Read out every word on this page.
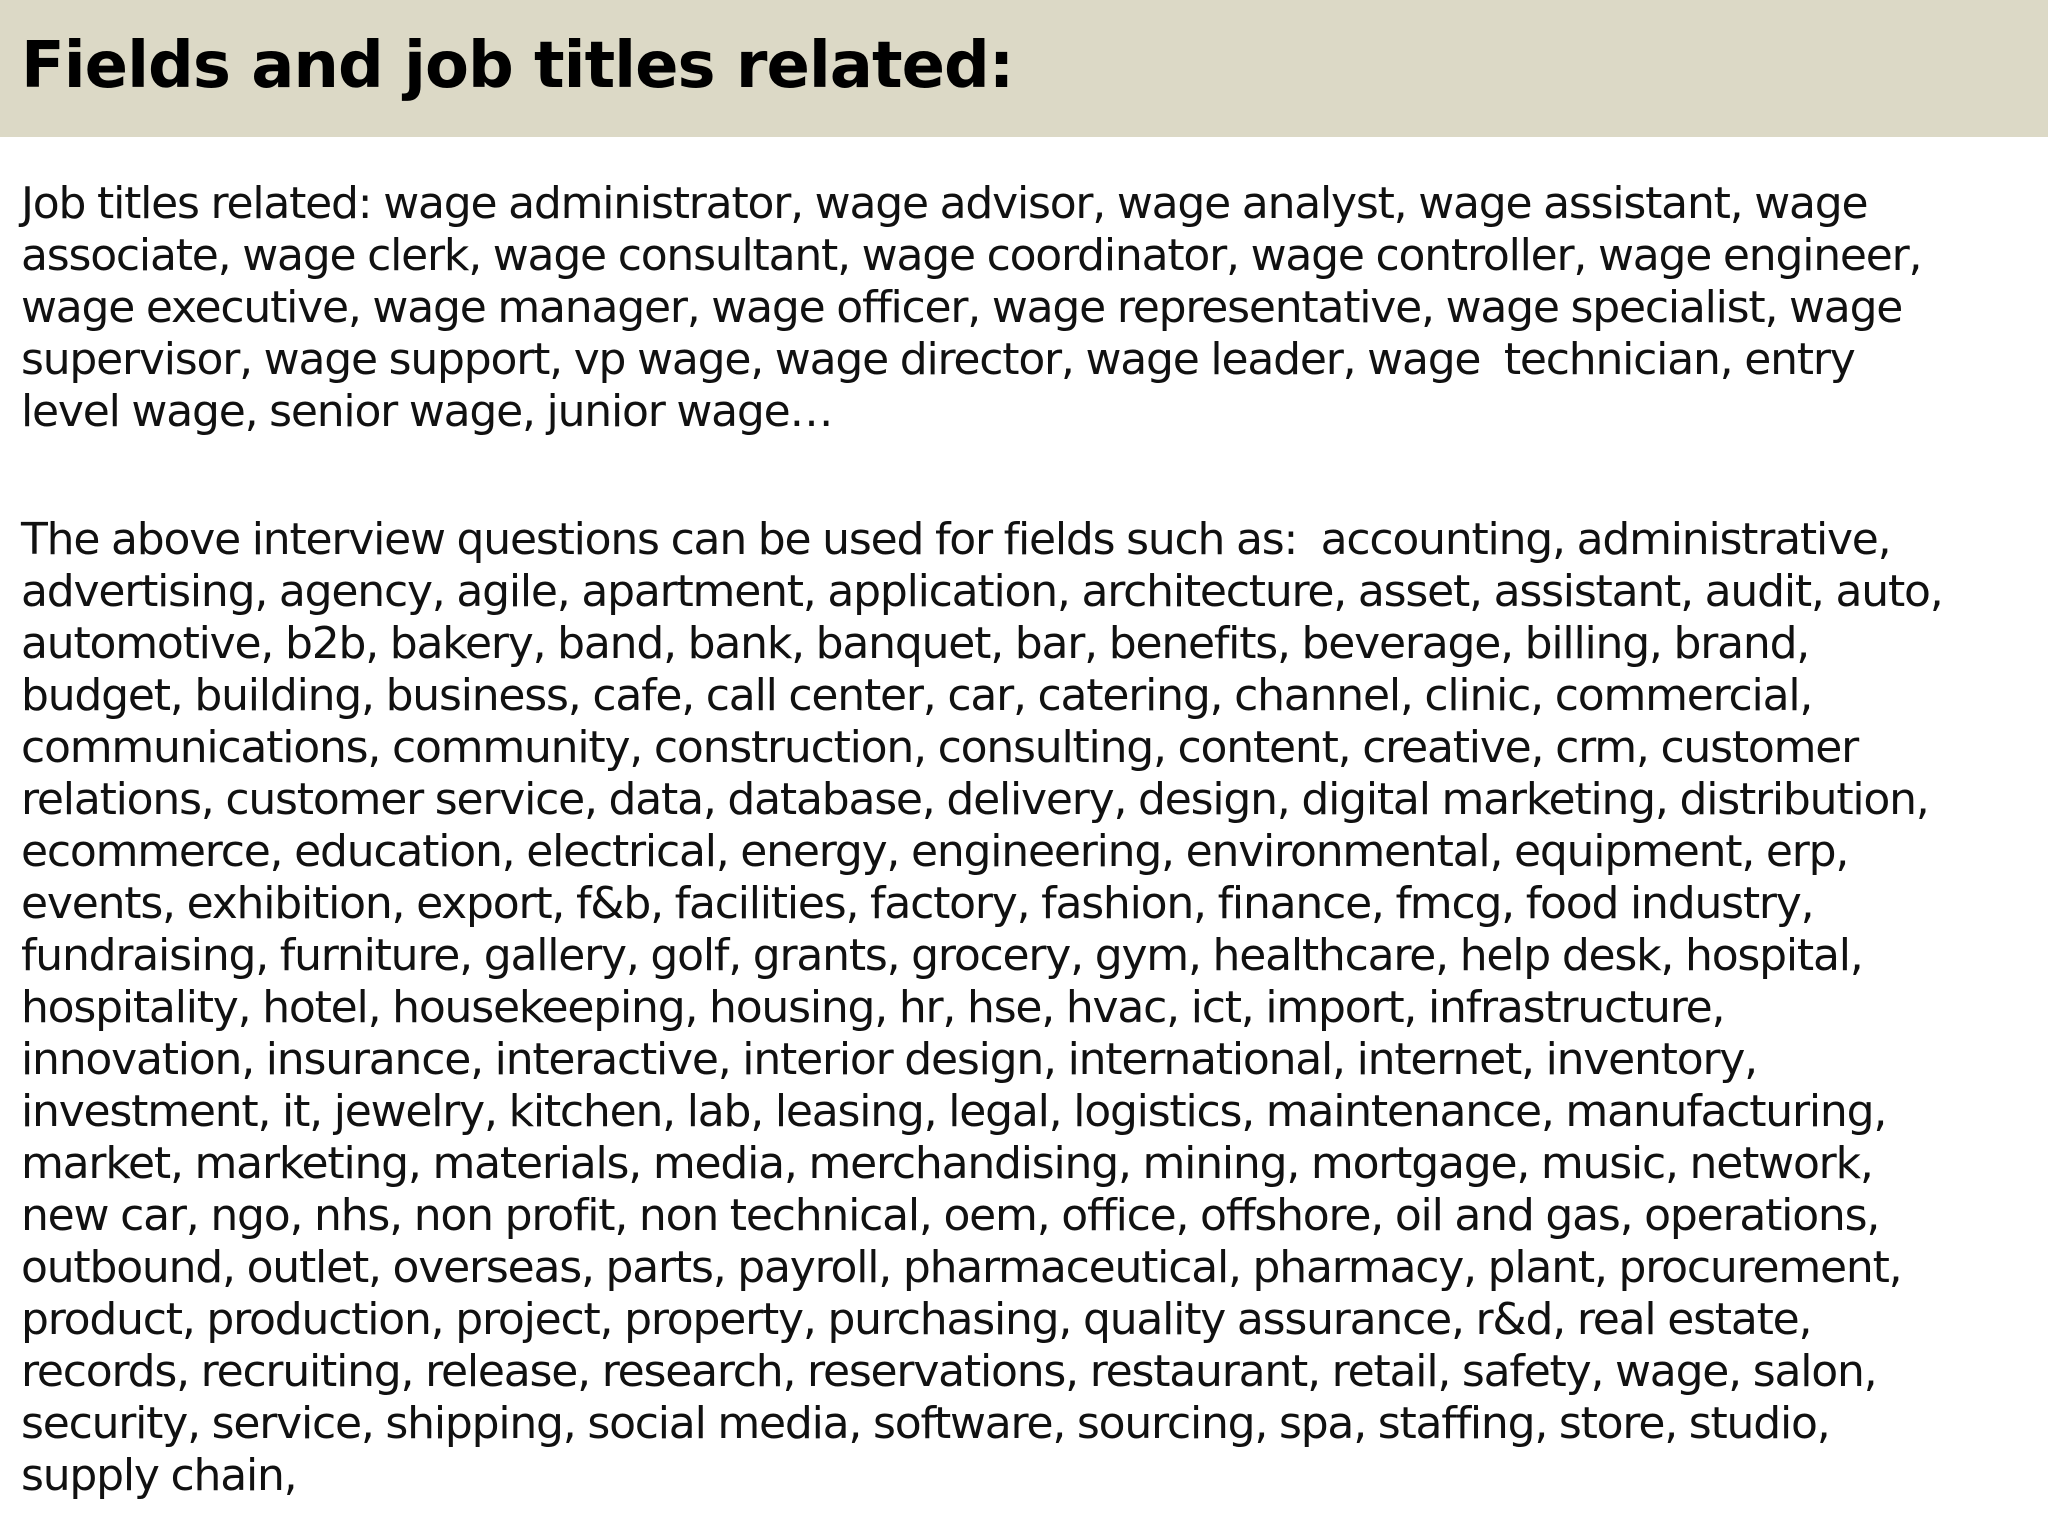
Fields and job titles related:

Job titles related: wage administrator, wage advisor, wage analyst, wage assistant, wage
associate, wage clerk, wage consultant, wage coordinator, wage controller, wage engineer,
wage executive, wage manager, wage officer, wage representative, wage specialist, wage
supervisor, wage support, vp wage, wage director, wage leader, wage  technician, entry
level wage, senior wage, junior wage…

The above interview questions can be used for fields such as:  accounting, administrative,
advertising, agency, agile, apartment, application, architecture, asset, assistant, audit, auto,
automotive, b2b, bakery, band, bank, banquet, bar, benefits, beverage, billing, brand,
budget, building, business, cafe, call center, car, catering, channel, clinic, commercial,
communications, community, construction, consulting, content, creative, crm, customer
relations, customer service, data, database, delivery, design, digital marketing, distribution,
ecommerce, education, electrical, energy, engineering, environmental, equipment, erp,
events, exhibition, export, f&b, facilities, factory, fashion, finance, fmcg, food industry,
fundraising, furniture, gallery, golf, grants, grocery, gym, healthcare, help desk, hospital,
hospitality, hotel, housekeeping, housing, hr, hse, hvac, ict, import, infrastructure,
innovation, insurance, interactive, interior design, international, internet, inventory,
investment, it, jewelry, kitchen, lab, leasing, legal, logistics, maintenance, manufacturing,
market, marketing, materials, media, merchandising, mining, mortgage, music, network,
new car, ngo, nhs, non profit, non technical, oem, office, offshore, oil and gas, operations,
outbound, outlet, overseas, parts, payroll, pharmaceutical, pharmacy, plant, procurement,
product, production, project, property, purchasing, quality assurance, r&d, real estate,
records, recruiting, release, research, reservations, restaurant, retail, safety, wage, salon,
security, service, shipping, social media, software, sourcing, spa, staffing, store, studio,
supply chain,
